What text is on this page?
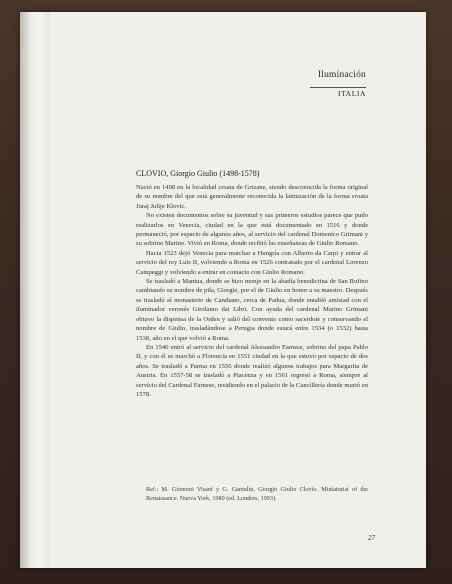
Iluminación
ITALIA
CLOVIO, Giorgio Giulio (1498-1578)

Nació en 1498 en la localidad croata de Grizane, siendo desconocida la forma original de su nombre del que está generalmente reconocida la latinización de la forma croata Juraj Julije Klovic.

No existen documentos sobre su juventud y sus primeros estudios parece que pudo realizarlos en Venecia, ciudad en la que está documentado en 1516 y donde permaneció, por espacio de algunos años, al servicio del cardenal Domenico Grimani y su sobrino Marino. Vivió en Roma, donde recibió las enseñanzas de Giulio Romano.

Hacia 1523 dejó Venecia para marchar a Hungría con Alberto da Carpi y entrar al servicio del rey Luis II, volviendo a Roma en 1526 contratado por el cardenal Lorenzo Campeggi y volviendo a entrar en contacto con Giulio Romano.

Se trasladó a Mantua, donde se hizo monje en la abadía benedictina de San Rufino cambiando su nombre de pila, Giorgie, por el de Giulio en honor a su maestro. Después se trasladó al monasterio de Candiano, cerca de Padua, donde entabló amistad con el iluminador veronés Girolamo dai Libri. Con ayuda del cardenal Marino Grimani obtuvo la dispensa de la Orden y salió del convento como sacerdote y conservando el nombre de Giulio, trasladándose a Perugia donde estará entre 1534 (o 1532) hasta 1538, año en el que volvió a Roma.

En 1540 entró al servicio del cardenal Alessandro Farnese, sobrino del papa Pablo II, y con él se marchó a Florencia en 1551 ciudad en la que estuvo por espacio de dos años. Se trasladó a Parma en 1556 donde realizó algunos trabajos para Margarita de Austria. En 1557-58 se trasladó a Piacenza y en 1561 regresó a Roma, siempre al servicio del Cardenal Farnese, residiendo en el palacio de la Cancillería donde murió en 1578.

Ref.: M. Gionomi Visani y G. Gamulin, Giorgio Giulio Clovio. Miniaturist of the Renaissance. Nueva York, 1980 (ed. Londres, 1993).
27
